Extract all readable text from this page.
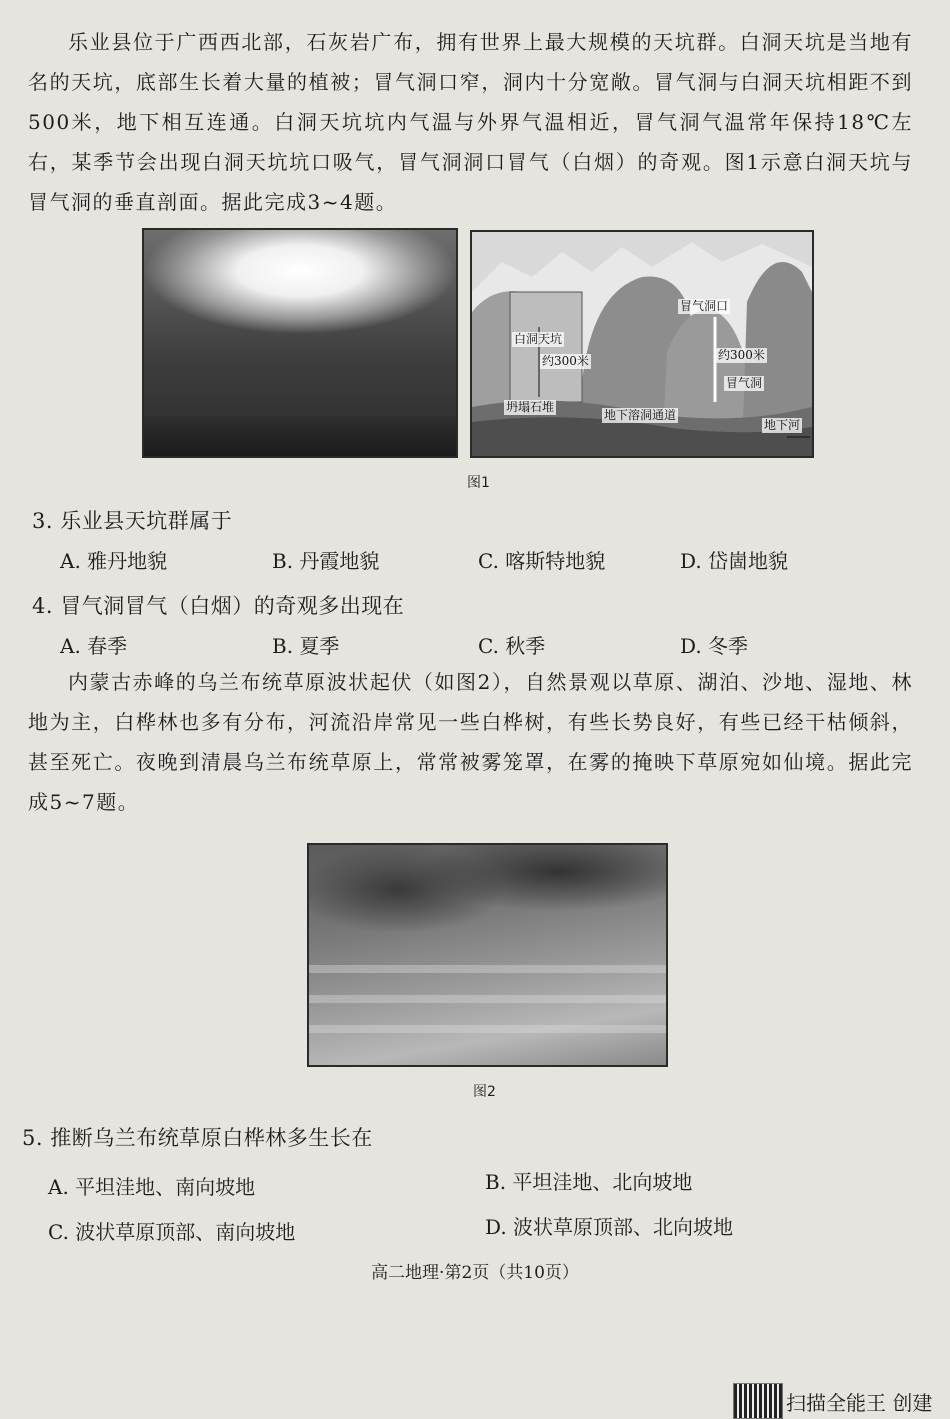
乐业县位于广西西北部，石灰岩广布，拥有世界上最大规模的天坑群。白洞天坑是当地有名的天坑，底部生长着大量的植被；冒气洞口窄，洞内十分宽敞。冒气洞与白洞天坑相距不到500米，地下相互连通。白洞天坑坑内气温与外界气温相近，冒气洞气温常年保持18℃左右，某季节会出现白洞天坑坑口吸气，冒气洞洞口冒气（白烟）的奇观。图1示意白洞天坑与冒气洞的垂直剖面。据此完成3~4题。

白洞天坑
约300米
冒气洞口
约300米
冒气洞
坍塌石堆
地下溶洞通道
地下河
图1

3. 乐业县天坑群属于

A. 雅丹地貌	B. 丹霞地貌	C. 喀斯特地貌	D. 岱崮地貌

4. 冒气洞冒气（白烟）的奇观多出现在

A. 春季	B. 夏季	C. 秋季	D. 冬季

内蒙古赤峰的乌兰布统草原波状起伏（如图2），自然景观以草原、湖泊、沙地、湿地、林地为主，白桦林也多有分布，河流沿岸常见一些白桦树，有些长势良好，有些已经干枯倾斜，甚至死亡。夜晚到清晨乌兰布统草原上，常常被雾笼罩，在雾的掩映下草原宛如仙境。据此完成5~7题。

图2

5. 推断乌兰布统草原白桦林多生长在

A. 平坦洼地、南向坡地	B. 平坦洼地、北向坡地
C. 波状草原顶部、南向坡地	D. 波状草原顶部、北向坡地
高二地理·第2页（共10页）
扫描全能王 创建
